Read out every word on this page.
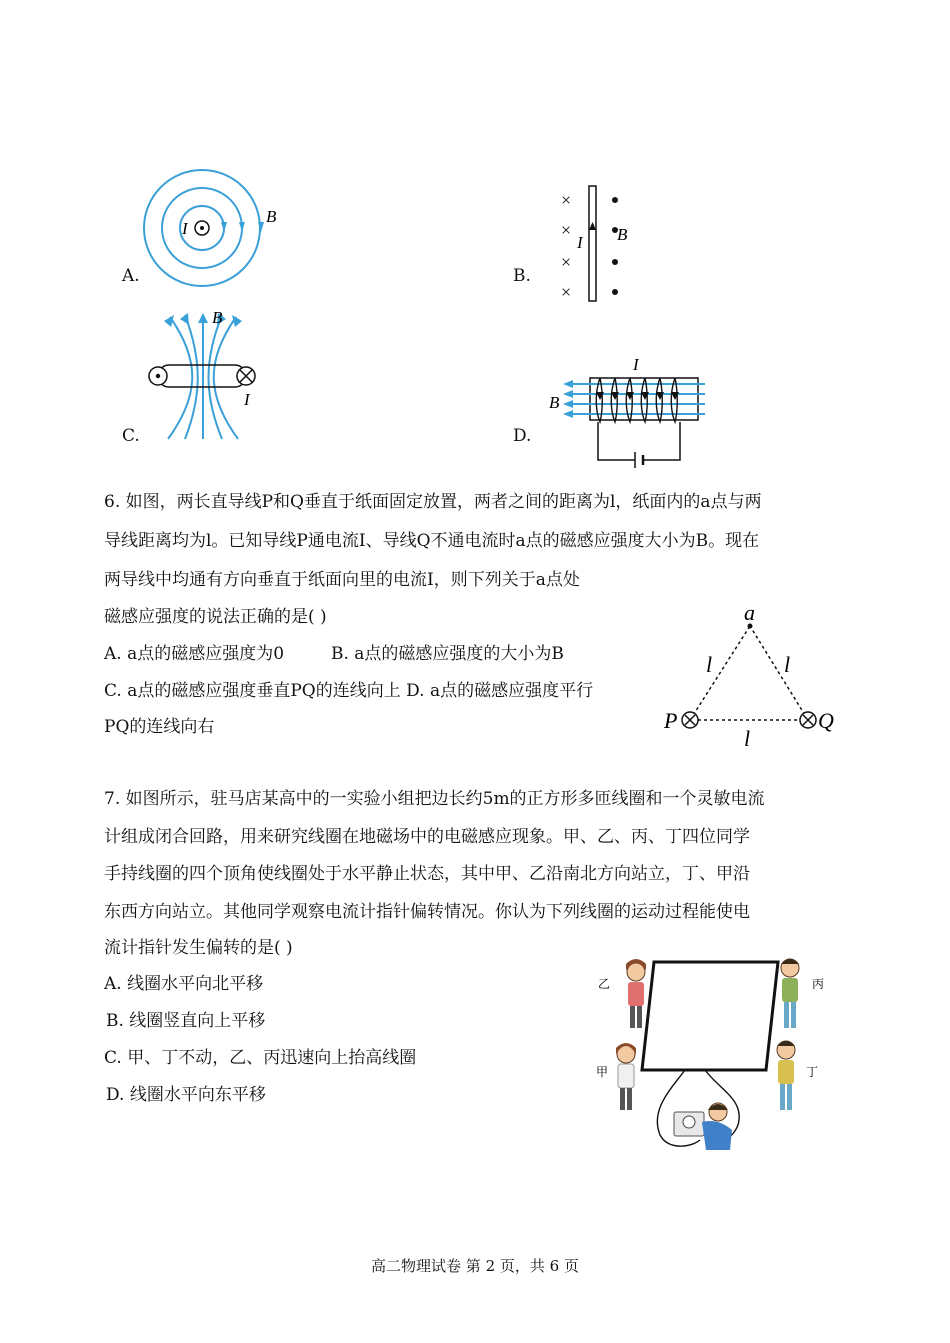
I
B
A.
×
×
×
×
I B
B.
B
I
C.
I
B
D.
6. 如图，两长直导线P和Q垂直于纸面固定放置，两者之间的距离为l，纸面内的a点与两
导线距离均为l。已知导线P通电流I、导线Q不通电流时a点的磁感应强度大小为B。现在
两导线中均通有方向垂直于纸面向里的电流I，则下列关于a点处
磁感应强度的说法正确的是( )
A. a点的磁感应强度为0	B. a点的磁感应强度的大小为B
C. a点的磁感应强度垂直PQ的连线向上 D. a点的磁感应强度平行
PQ的连线向右
a
l	l
l
P	Q
7. 如图所示，驻马店某高中的一实验小组把边长约5m的正方形多匝线圈和一个灵敏电流
计组成闭合回路，用来研究线圈在地磁场中的电磁感应现象。甲、乙、丙、丁四位同学
手持线圈的四个顶角使线圈处于水平静止状态，其中甲、乙沿南北方向站立，丁、甲沿
东西方向站立。其他同学观察电流计指针偏转情况。你认为下列线圈的运动过程能使电
流计指针发生偏转的是( )
A. 线圈水平向北平移
B. 线圈竖直向上平移
C. 甲、丁不动，乙、丙迅速向上抬高线圈
D. 线圈水平向东平移
乙	丙
甲	丁
高二物理试卷 第 2 页，共 6 页
